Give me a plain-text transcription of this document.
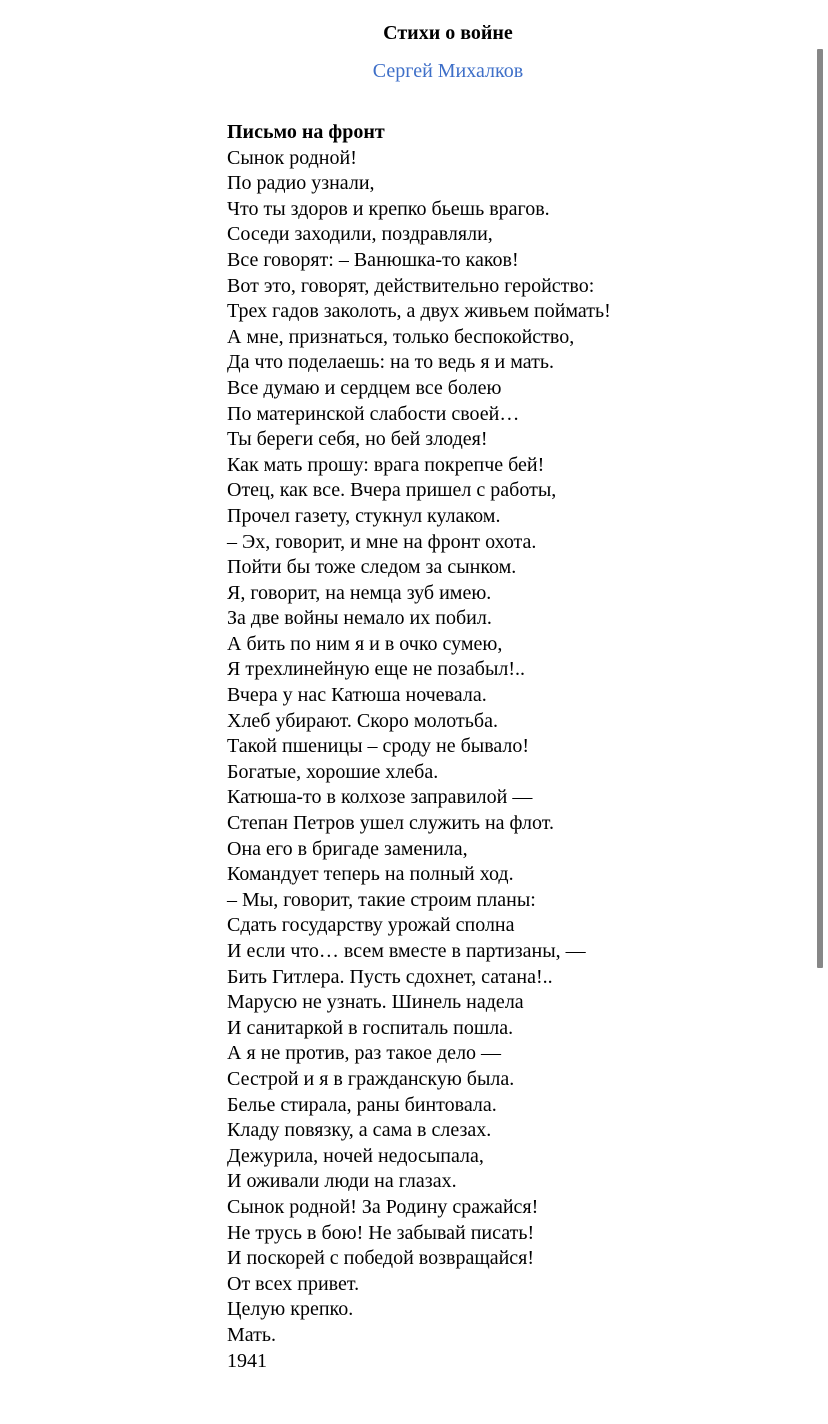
Стихи о войне
Сергей Михалков
Письмо на фронт
Сынок родной!
По радио узнали,
Что ты здоров и крепко бьешь врагов.
Соседи заходили, поздравляли,
Все говорят: – Ванюшка-то каков!
Вот это, говорят, действительно геройство:
Трех гадов заколоть, а двух живьем поймать!
А мне, признаться, только беспокойство,
Да что поделаешь: на то ведь я и мать.
Все думаю и сердцем все болею
По материнской слабости своей…
Ты береги себя, но бей злодея!
Как мать прошу: врага покрепче бей!
Отец, как все. Вчера пришел с работы,
Прочел газету, стукнул кулаком.
– Эх, говорит, и мне на фронт охота.
Пойти бы тоже следом за сынком.
Я, говорит, на немца зуб имею.
За две войны немало их побил.
А бить по ним я и в очко сумею,
Я трехлинейную еще не позабыл!..
Вчера у нас Катюша ночевала.
Хлеб убирают. Скоро молотьба.
Такой пшеницы – сроду не бывало!
Богатые, хорошие хлеба.
Катюша-то в колхозе заправилой —
Степан Петров ушел служить на флот.
Она его в бригаде заменила,
Командует теперь на полный ход.
– Мы, говорит, такие строим планы:
Сдать государству урожай сполна
И если что… всем вместе в партизаны, —
Бить Гитлера. Пусть сдохнет, сатана!..
Марусю не узнать. Шинель надела
И санитаркой в госпиталь пошла.
А я не против, раз такое дело —
Сестрой и я в гражданскую была.
Белье стирала, раны бинтовала.
Кладу повязку, а сама в слезах.
Дежурила, ночей недосыпала,
И оживали люди на глазах.
Сынок родной! За Родину сражайся!
Не трусь в бою! Не забывай писать!
И поскорей с победой возвращайся!
От всех привет.
Целую крепко.
Мать.
1941
